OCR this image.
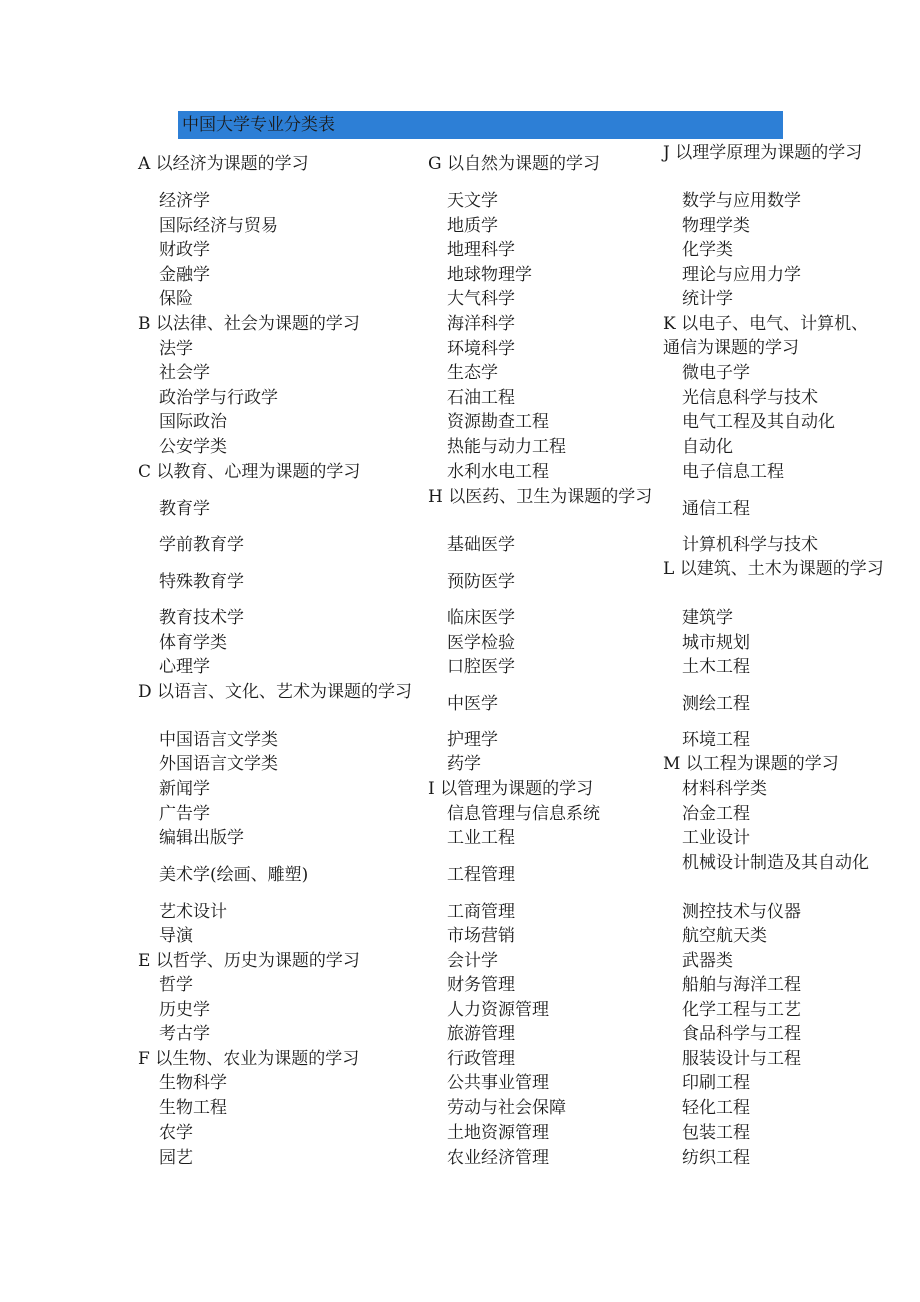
中国大学专业分类表
A 以经济为课题的学习
经济学
国际经济与贸易
财政学
金融学
保险
B 以法律、社会为课题的学习
法学
社会学
政治学与行政学
国际政治
公安学类
C 以教育、心理为课题的学习
教育学
学前教育学
特殊教育学
教育技术学
体育学类
心理学
D 以语言、文化、艺术为课题的学习
中国语言文学类
外国语言文学类
新闻学
广告学
编辑出版学
美术学(绘画、雕塑)
艺术设计
导演
E 以哲学、历史为课题的学习
哲学
历史学
考古学
F 以生物、农业为课题的学习
生物科学
生物工程
农学
园艺
G 以自然为课题的学习
天文学
地质学
地理科学
地球物理学
大气科学
海洋科学
环境科学
生态学
石油工程
资源勘查工程
热能与动力工程
水利水电工程
H 以医药、卫生为课题的学习
基础医学
预防医学
临床医学
医学检验
口腔医学
中医学
护理学
药学
I 以管理为课题的学习
信息管理与信息系统
工业工程
工程管理
工商管理
市场营销
会计学
财务管理
人力资源管理
旅游管理
行政管理
公共事业管理
劳动与社会保障
土地资源管理
农业经济管理
J 以理学原理为课题的学习
数学与应用数学
物理学类
化学类
理论与应用力学
统计学
K 以电子、电气、计算机、通信为课题的学习
微电子学
光信息科学与技术
电气工程及其自动化
自动化
电子信息工程
通信工程
计算机科学与技术
L 以建筑、土木为课题的学习
建筑学
城市规划
土木工程
测绘工程
环境工程
M 以工程为课题的学习
材料科学类
冶金工程
工业设计
机械设计制造及其自动化
测控技术与仪器
航空航天类
武器类
船舶与海洋工程
化学工程与工艺
食品科学与工程
服装设计与工程
印刷工程
轻化工程
包装工程
纺织工程
